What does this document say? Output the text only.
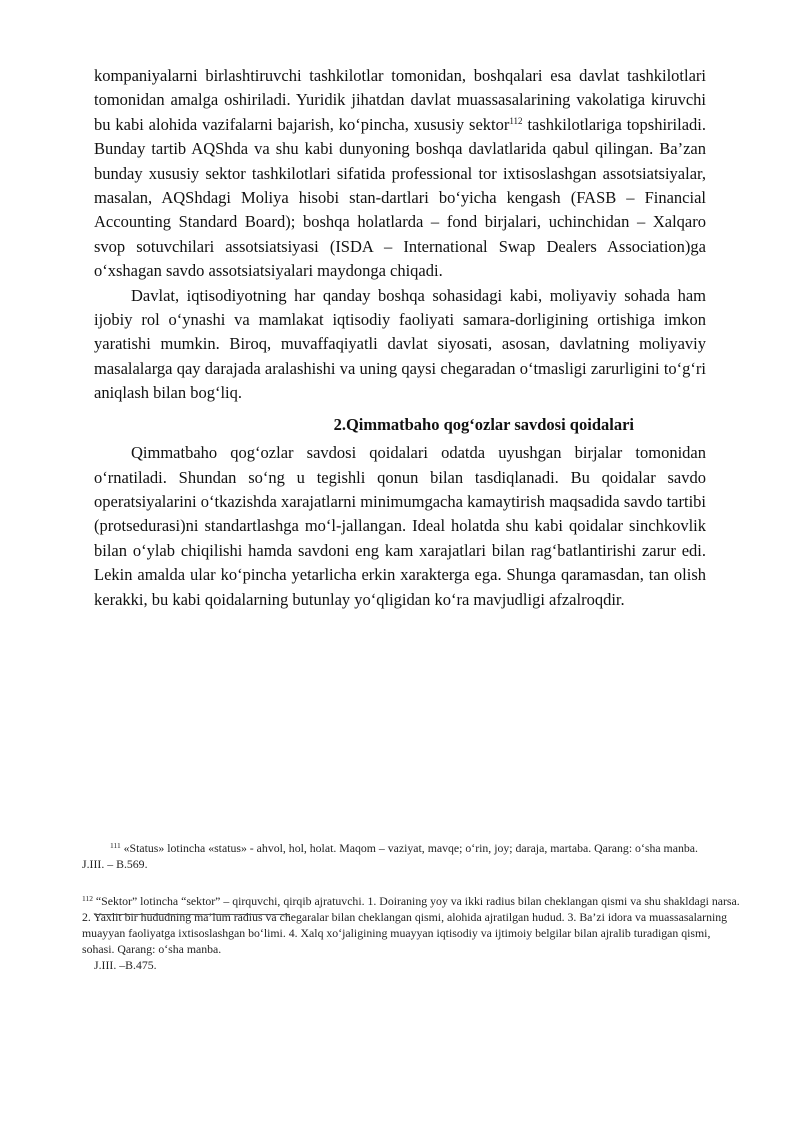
kompaniyalarni birlashtiruvchi tashkilotlar tomonidan, boshqalari esa davlat tashkilotlari tomonidan amalga oshiriladi. Yuridik jihatdan davlat muassasalarining vakolatiga kiruvchi bu kabi alohida vazifalarni bajarish, ko‘pincha, xususiy sektor$^{112}$ tashkilotlariga topshiriladi. Bunday tartib AQShda va shu kabi dunyoning boshqa davlatlarida qabul qilingan. Ba’zan bunday xususiy sektor tashkilotlari sifatida professional tor ixtisoslashgan assotsiatsiyalar, masalan, AQShdagi Moliya hisobi stan-dartlari bo‘yicha kengash (FASB – Financial Accounting Standard Board); boshqa holatlarda – fond birjalari, uchinchidan – Xalqaro svop sotuvchilari assotsiatsiyasi (ISDA – International Swap Dealers Association)ga o‘xshagan savdo assotsiatsiyalari maydonga chiqadi.

Davlat, iqtisodiyotning har qanday boshqa sohasidagi kabi, moliyaviy sohada ham ijobiy rol o‘ynashi va mamlakat iqtisodiy faoliyati samara-dorligining ortishiga imkon yaratishi mumkin. Biroq, muvaffaqiyatli davlat siyosati, asosan, davlatning moliyaviy masalalarga qay darajada aralashishi va uning qaysi chegaradan o‘tmasligi zarurligini to‘g‘ri aniqlash bilan bog‘liq.

2.Qimmatbaho qog‘ozlar savdosi qoidalari

Qimmatbaho qog‘ozlar savdosi qoidalari odatda uyushgan birjalar tomonidan o‘rnatiladi. Shundan so‘ng u tegishli qonun bilan tasdiqlanadi. Bu qoidalar savdo operatsiyalarini o‘tkazishda xarajatlarni minimumgacha kamaytirish maqsadida savdo tartibi (protsedurasi)ni standartlashga mo‘l-jallangan. Ideal holatda shu kabi qoidalar sinchkovlik bilan o‘ylab chiqilishi hamda savdoni eng kam xarajatlari bilan rag‘batlantirishi zarur edi. Lekin amalda ular ko‘pincha yetarlicha erkin xarakterga ega. Shunga qaramasdan, tan olish kerakki, bu kabi qoidalarning butunlay yo‘qligidan ko‘ra mavjudligi afzalroqdir.

$^{111}$ «Status» lotincha «status» - ahvol, hol, holat. Maqom – vaziyat, mavqe; o‘rin, joy; daraja, martaba. Qarang: o‘sha manba. J.III. – B.569.
$^{112}$ “Sektor” lotincha “sektor” – qirquvchi, qirqib ajratuvchi. 1. Doiraning yoy va ikki radius bilan cheklangan qismi va shu shakldagi narsa. 2. Yaxlit bir hududning ma’lum radius va chegaralar bilan cheklangan qismi, alohida ajratilgan hudud. 3. Ba’zi idora va muassasalarning muayyan faoliyatga ixtisoslashgan bo‘limi. 4. Xalq xo‘jaligining muayyan iqtisodiy va ijtimoiy belgilar bilan ajralib turadigan qismi, sohasi. Qarang: o‘sha manba.
J.III. –B.475.
